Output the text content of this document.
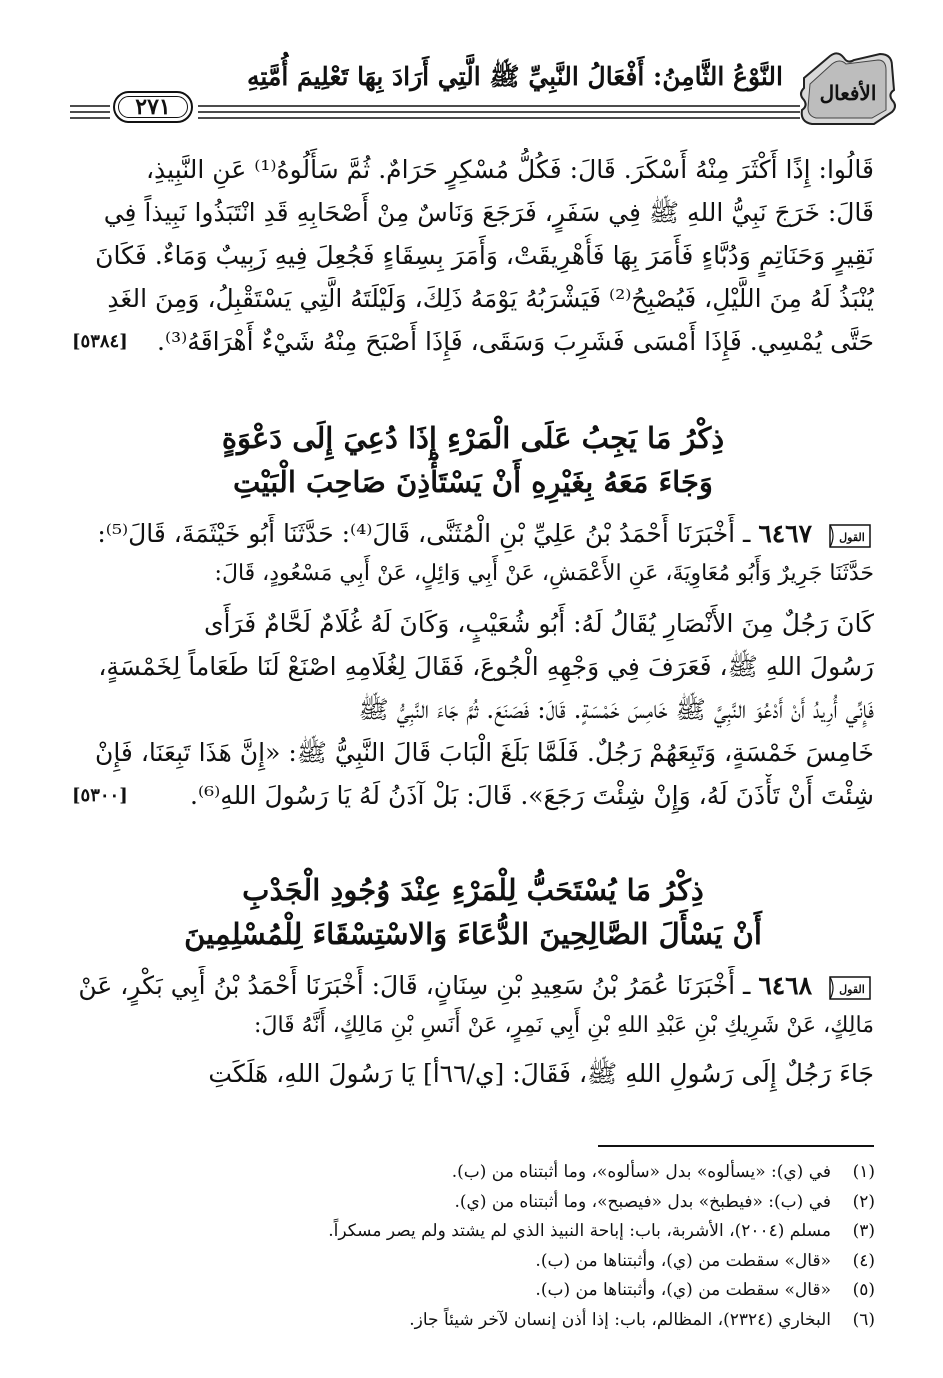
الأفعال
النَّوْعُ الثَّامِنُ: أَفْعَالُ النَّبِيِّ ﷺ الَّتِي أَرَادَ بِهَا تَعْلِيمَ أُمَّتِهِ
٢٧١
قَالُوا: إِذًا أَكْثَرَ مِنْهُ أَسْكَرَ. قَالَ: فَكُلُّ مُسْكِرٍ حَرَامٌ. ثُمَّ سَأَلُوهُ⁽¹⁾ عَنِ النَّبِيذِ،
قَالَ: خَرَجَ نَبِيُّ اللهِ ﷺ فِي سَفَرٍ، فَرَجَعَ وَنَاسٌ مِنْ أَصْحَابِهِ قَدِ انْتَبَذُوا نَبِيذاً فِي
نَقِيرٍ وَحَنَاتِمٍ وَدُبَّاءٍ فَأَمَرَ بِهَا فَأُهْرِيقَتْ، وَأَمَرَ بِسِقَاءٍ فَجُعِلَ فِيهِ زَبِيبٌ وَمَاءٌ. فَكَانَ
يُنْبَذُ لَهُ مِنَ اللَّيْلِ، فَيُصْبِحُ⁽²⁾ فَيَشْرَبُهُ يَوْمَهُ ذَلِكَ، وَلَيْلَتَهُ الَّتِي يَسْتَقْبِلُ، وَمِنَ الغَدِ
حَتَّى يُمْسِي. فَإِذَا أَمْسَى فَشَرِبَ وَسَقَى، فَإِذَا أَصْبَحَ مِنْهُ شَيْءٌ أَهْرَاقَهُ⁽³⁾.
[٥٣٨٤]
ذِكْرُ مَا يَجِبُ عَلَى الْمَرْءِ إِذَا دُعِيَ إِلَى دَعْوَةٍ
وَجَاءَ مَعَهُ بِغَيْرِهِ أَنْ يَسْتَأْذِنَ صَاحِبَ الْبَيْتِ
القول
٦٤٦٧ ـ أَخْبَرَنَا أَحْمَدُ بْنُ عَلِيِّ بْنِ الْمُثَنَّى، قَالَ⁽⁴⁾: حَدَّثَنَا أَبُو خَيْثَمَةَ، قَالَ⁽⁵⁾:
حَدَّثَنَا جَرِيرٌ وَأَبُو مُعَاوِيَةَ، عَنِ الأَعْمَشِ، عَنْ أَبِي وَائِلٍ، عَنْ أَبِي مَسْعُودٍ، قَالَ:
كَانَ رَجُلٌ مِنَ الأَنْصَارِ يُقَالُ لَهُ: أَبُو شُعَيْبٍ، وَكَانَ لَهُ غُلَامٌ لَحَّامٌ فَرَأَى
رَسُولَ اللهِ ﷺ، فَعَرَفَ فِي وَجْهِهِ الْجُوعَ، فَقَالَ لِغُلَامِهِ اصْنَعْ لَنَا طَعَاماً لِخَمْسَةٍ،
فَإِنِّي أُرِيدُ أَنْ أَدْعُوَ النَّبِيَّ ﷺ خَامِسَ خَمْسَةٍ. قَالَ: فَصَنَعَ. ثُمَّ جَاءَ النَّبِيُّ ﷺ
خَامِسَ خَمْسَةٍ، وَتَبِعَهُمْ رَجُلٌ. فَلَمَّا بَلَغَ الْبَابَ قَالَ النَّبِيُّ ﷺ: «إِنَّ هَذَا تَبِعَنَا، فَإِنْ
شِئْتَ أَنْ تَأْذَنَ لَهُ، وَإِنْ شِئْتَ رَجَعَ». قَالَ: بَلْ آذَنُ لَهُ يَا رَسُولَ اللهِ⁽⁶⁾.
[٥٣٠٠]
ذِكْرُ مَا يُسْتَحَبُّ لِلْمَرْءِ عِنْدَ وُجُودِ الْجَدْبِ
أَنْ يَسْأَلَ الصَّالِحِينَ الدُّعَاءَ وَالاسْتِسْقَاءَ لِلْمُسْلِمِينَ
القول
٦٤٦٨ ـ أَخْبَرَنَا عُمَرُ بْنُ سَعِيدِ بْنِ سِنَانٍ، قَالَ: أَخْبَرَنَا أَحْمَدُ بْنُ أَبِي بَكْرٍ، عَنْ
مَالِكٍ، عَنْ شَرِيكِ بْنِ عَبْدِ اللهِ بْنِ أَبِي نَمِرٍ، عَنْ أَنَسِ بْنِ مَالِكٍ، أَنَّهُ قَالَ:
جَاءَ رَجُلٌ إِلَى رَسُولِ اللهِ ﷺ، فَقَالَ: [ي/٦٦أ] يَا رَسُولَ اللهِ، هَلَكَتِ
(١)
في (ي): «يسألوه» بدل «سألوه»، وما أثبتناه من (ب).
(٢)
في (ب): «فيطبخ» بدل «فيصبح»، وما أثبتناه من (ي).
(٣)
مسلم (٢٠٠٤)، الأشربة، باب: إباحة النبيذ الذي لم يشتد ولم يصر مسكراً.
(٤)
«قال» سقطت من (ي)، وأثبتناها من (ب).
(٥)
«قال» سقطت من (ي)، وأثبتناها من (ب).
(٦)
البخاري (٢٣٢٤)، المظالم، باب: إذا أذن إنسان لآخر شيئاً جاز.
